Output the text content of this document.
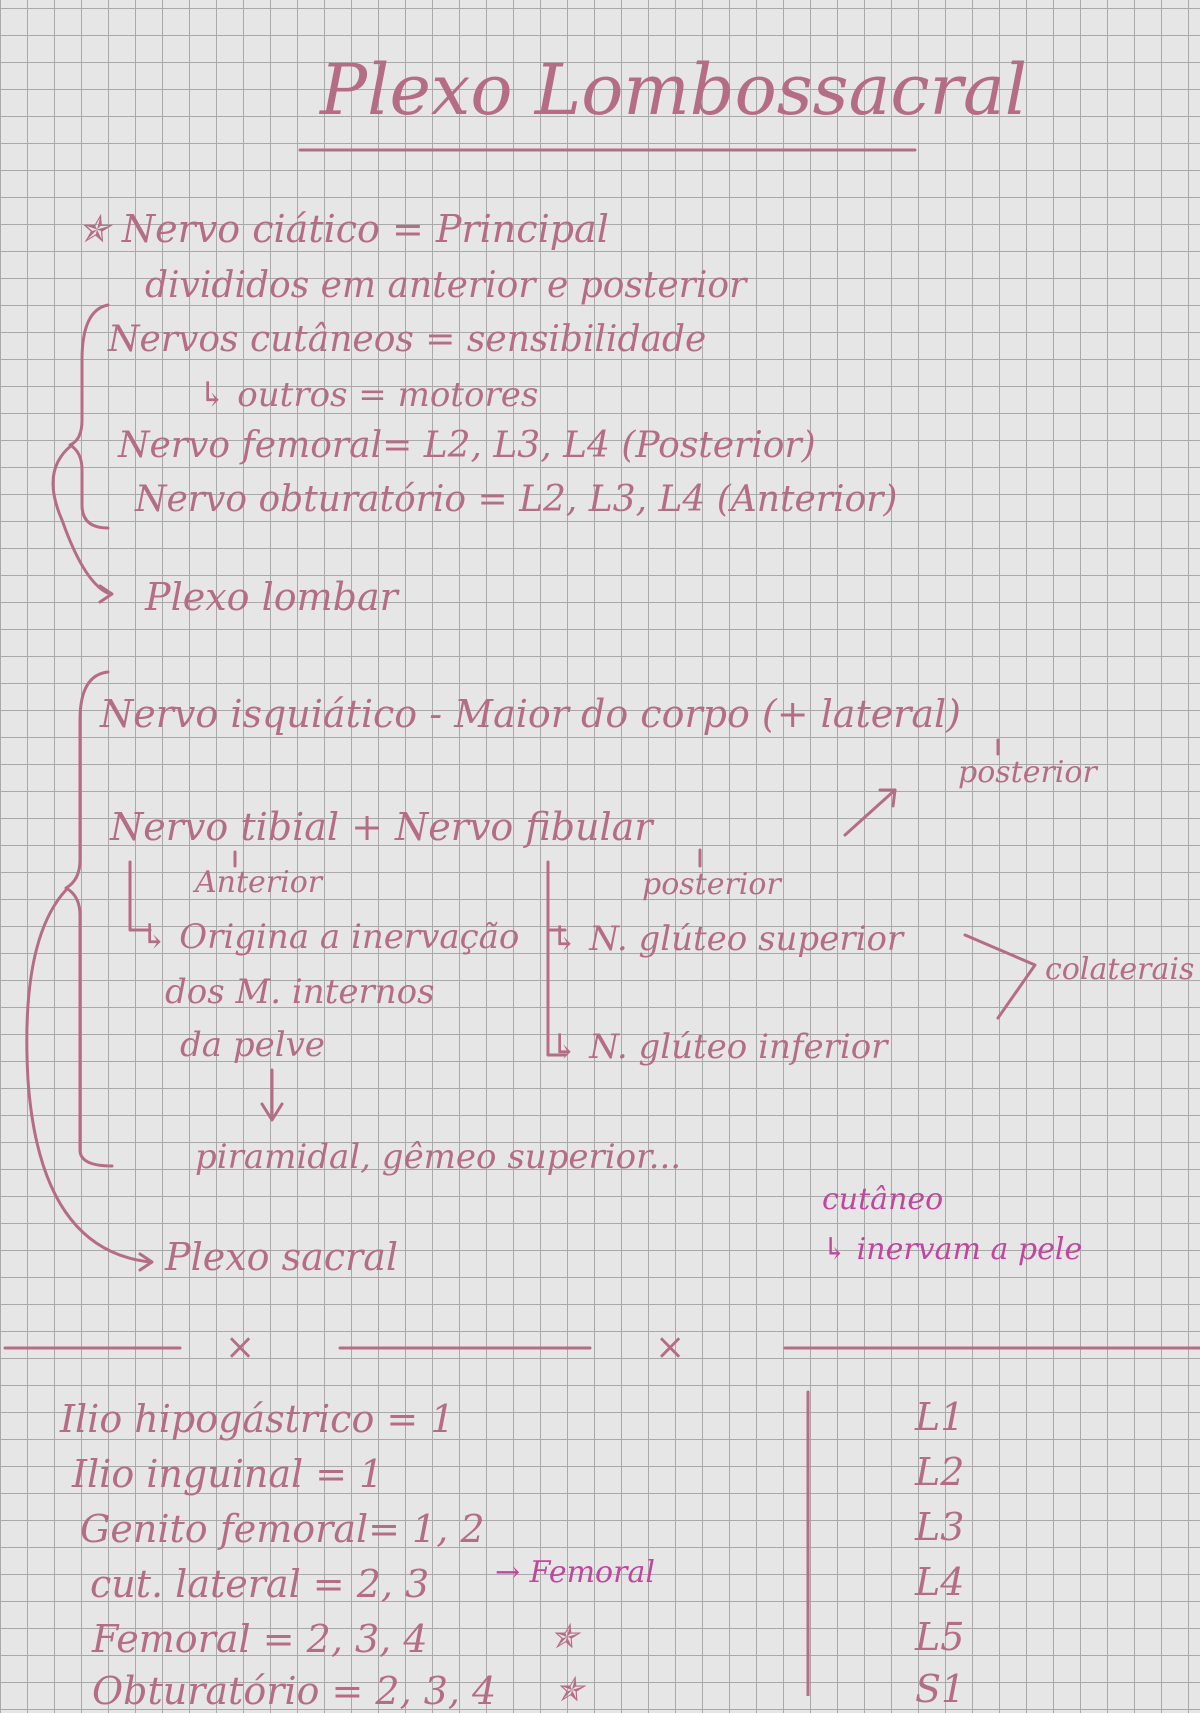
Plexo Lombossacral
✯ Nervo ciático = Principal
divididos em anterior e posterior
Nervos cutâneos = sensibilidade
↳ outros = motores
Nervo femoral= L2, L3, L4 (Posterior)
Nervo obturatório = L2, L3, L4 (Anterior)
Plexo lombar
Nervo isquiático - Maior do corpo (+ lateral)
posterior
Nervo tibial + Nervo fibular
Anterior	posterior
↳ Origina a inervação
dos M. internos
da pelve
↳ N. glúteo superior
↳ N. glúteo inferior
colaterais
piramidal, gêmeo superior...
Plexo sacral
cutâneo
↳ inervam a pele
×	×
Ilio hipogástrico = 1
Ilio inguinal = 1
Genito femoral= 1, 2
cut. lateral = 2, 3
Femoral = 2, 3, 4
Obturatório = 2, 3, 4
→ Femoral
✯
✯
L1
L2
L3
L4
L5
S1
